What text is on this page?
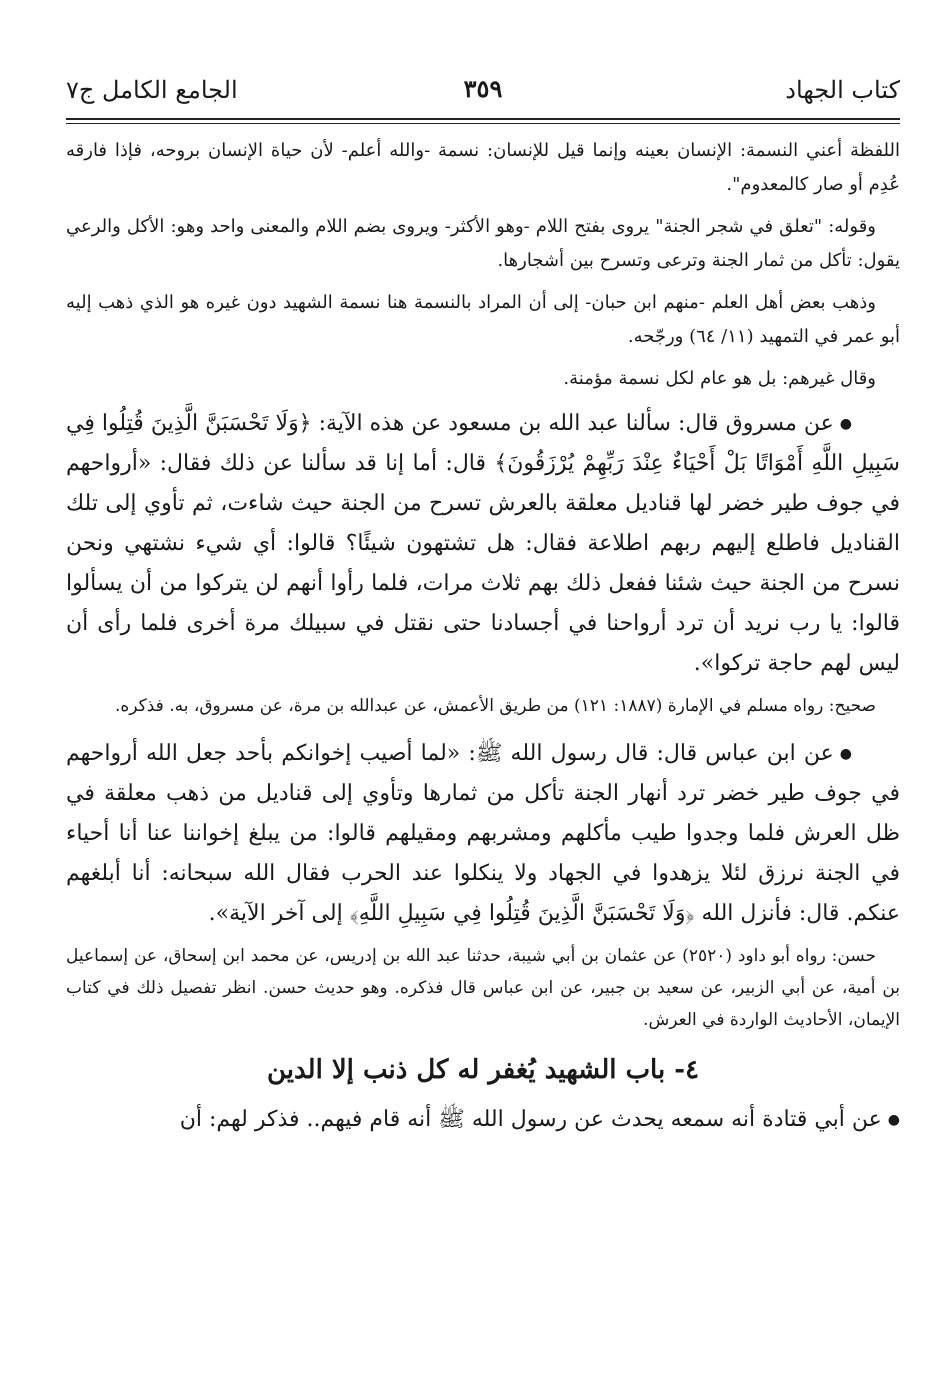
كتاب الجهاد
٣٥٩
الجامع الكامل ج٧

اللفظة أعني النسمة: الإنسان بعينه وإنما قيل للإنسان: نسمة -والله أعلم- لأن حياة الإنسان بروحه، فإذا فارقه عُدِم أو صار كالمعدوم".

وقوله: "تعلق في شجر الجنة" يروى بفتح اللام -وهو الأكثر- ويروى بضم اللام والمعنى واحد وهو: الأكل والرعي يقول: تأكل من ثمار الجنة وترعى وتسرح بين أشجارها.

وذهب بعض أهل العلم -منهم ابن حبان- إلى أن المراد بالنسمة هنا نسمة الشهيد دون غيره هو الذي ذهب إليه أبو عمر في التمهيد (١١/ ٦٤) ورجّحه.

وقال غيرهم: بل هو عام لكل نسمة مؤمنة.

●عن مسروق قال: سألنا عبد الله بن مسعود عن هذه الآية: ﴿وَلَا تَحْسَبَنَّ الَّذِينَ قُتِلُوا فِي سَبِيلِ اللَّهِ أَمْوَاتًا بَلْ أَحْيَاءٌ عِنْدَ رَبِّهِمْ يُرْزَقُونَ﴾ قال: أما إنا قد سألنا عن ذلك فقال: «أرواحهم في جوف طير خضر لها قناديل معلقة بالعرش تسرح من الجنة حيث شاءت، ثم تأوي إلى تلك القناديل فاطلع إليهم ربهم اطلاعة فقال: هل تشتهون شيئًا؟ قالوا: أي شيء نشتهي ونحن نسرح من الجنة حيث شئنا ففعل ذلك بهم ثلاث مرات، فلما رأوا أنهم لن يتركوا من أن يسألوا قالوا: يا رب نريد أن ترد أرواحنا في أجسادنا حتى نقتل في سبيلك مرة أخرى فلما رأى أن ليس لهم حاجة تركوا».

صحيح: رواه مسلم في الإمارة (١٨٨٧: ١٢١) من طريق الأعمش، عن عبدالله بن مرة، عن مسروق، به. فذكره.

●عن ابن عباس قال: قال رسول الله ﷺ: «لما أصيب إخوانكم بأحد جعل الله أرواحهم في جوف طير خضر ترد أنهار الجنة تأكل من ثمارها وتأوي إلى قناديل من ذهب معلقة في ظل العرش فلما وجدوا طيب مأكلهم ومشربهم ومقيلهم قالوا: من يبلغ إخواننا عنا أنا أحياء في الجنة نرزق لئلا يزهدوا في الجهاد ولا ينكلوا عند الحرب فقال الله سبحانه: أنا أبلغهم عنكم. قال: فأنزل الله ﴿وَلَا تَحْسَبَنَّ الَّذِينَ قُتِلُوا فِي سَبِيلِ اللَّهِ﴾ إلى آخر الآية».

حسن: رواه أبو داود (٢٥٢٠) عن عثمان بن أبي شيبة، حدثنا عبد الله بن إدريس، عن محمد ابن إسحاق، عن إسماعيل بن أمية، عن أبي الزبير، عن سعيد بن جبير، عن ابن عباس قال فذكره. وهو حديث حسن. انظر تفصيل ذلك في كتاب الإيمان، الأحاديث الواردة في العرش.

٤- باب الشهيد يُغفر له كل ذنب إلا الدين

●عن أبي قتادة أنه سمعه يحدث عن رسول الله ﷺ أنه قام فيهم.. فذكر لهم: أن
